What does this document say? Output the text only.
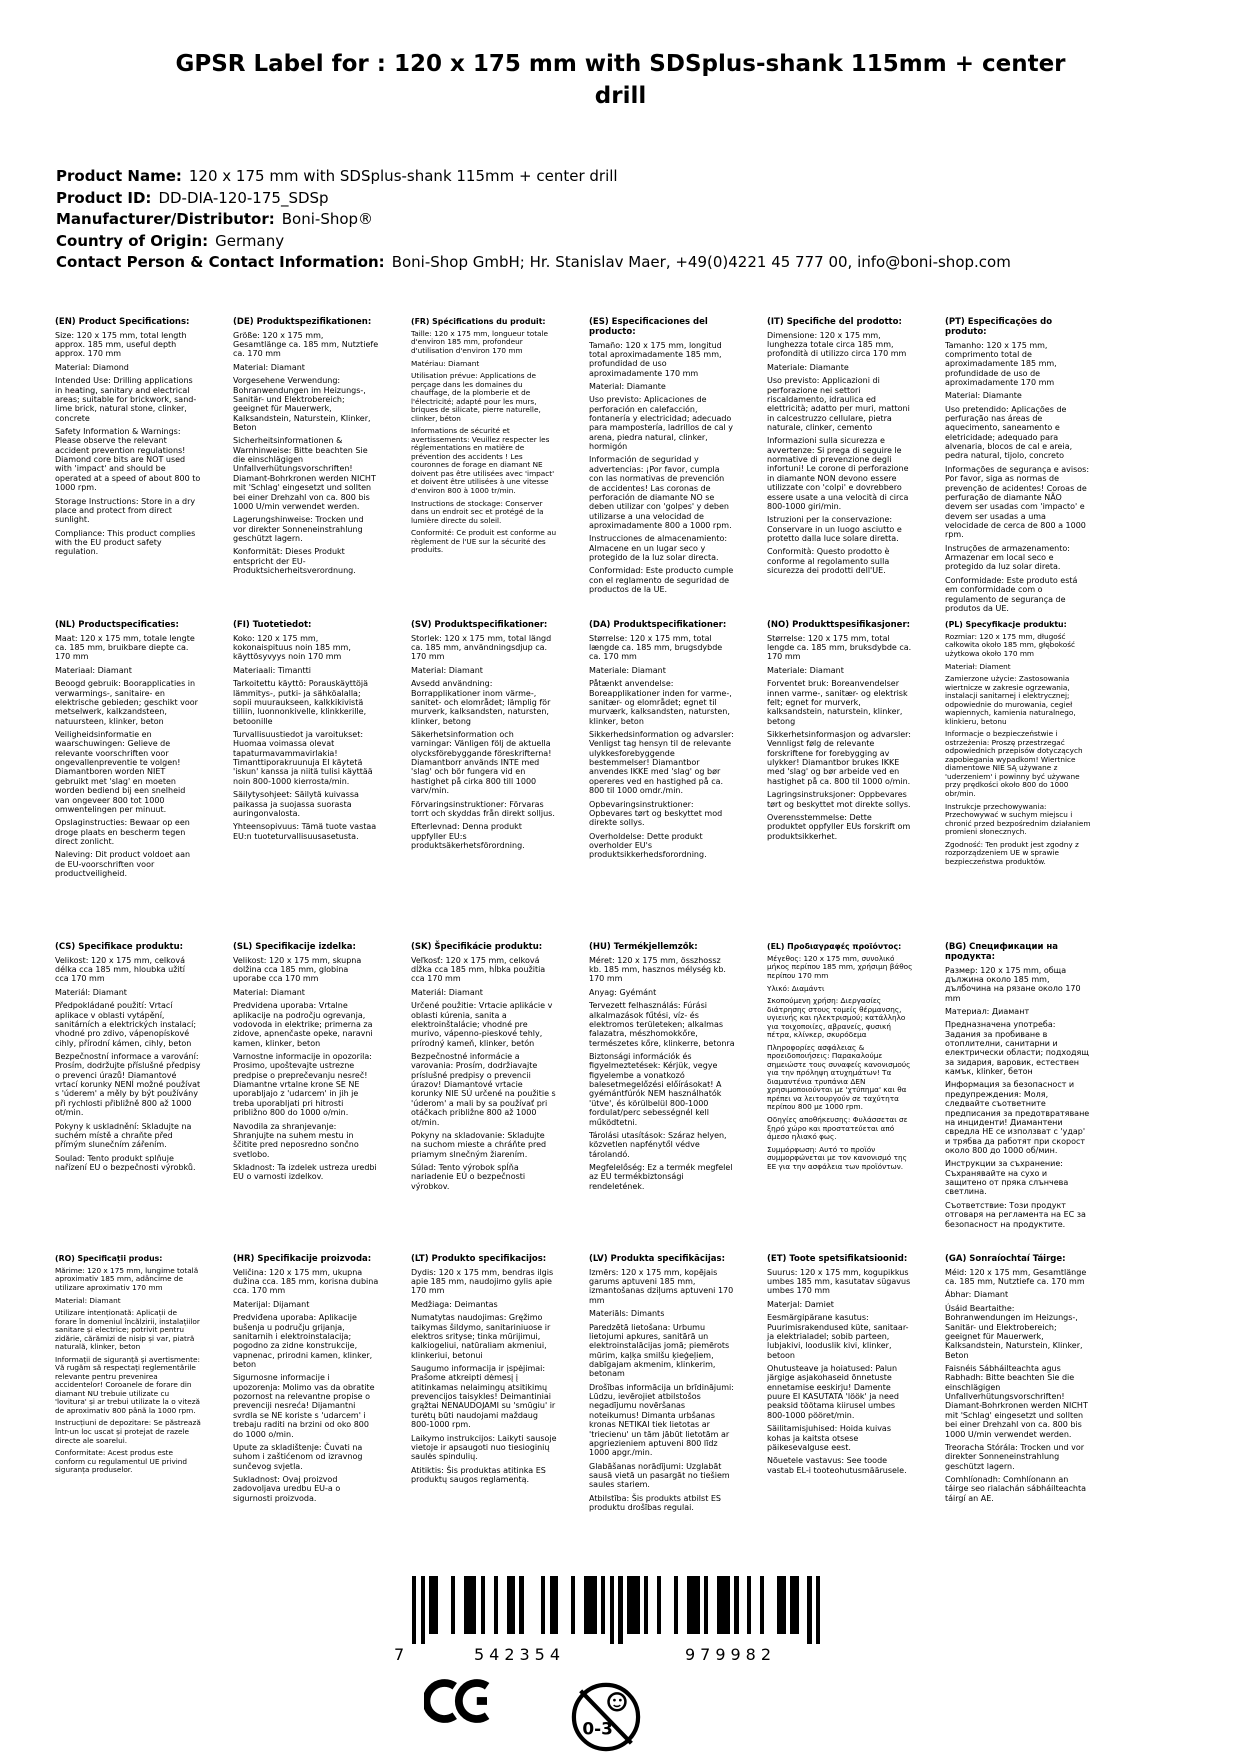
GPSR Label for : 120 x 175 mm with SDSplus-shank 115mm + center drill
Product Name: 120 x 175 mm with SDSplus-shank 115mm + center drill
Product ID: DD-DIA-120-175_SDSp
Manufacturer/Distributor: Boni-Shop®
Country of Origin: Germany
Contact Person & Contact Information: Boni-Shop GmbH; Hr. Stanislav Maer, +49(0)4221 45 777 00, info@boni-shop.com
(EN) Product Specifications:

Size: 120 x 175 mm, total length approx. 185 mm, useful depth approx. 170 mm

Material: Diamond

Intended Use: Drilling applications in heating, sanitary and electrical areas; suitable for brickwork, sand-lime brick, natural stone, clinker, concrete

Safety Information & Warnings: Please observe the relevant accident prevention regulations! Diamond core bits are NOT used with 'impact' and should be operated at a speed of about 800 to 1000 rpm.

Storage Instructions: Store in a dry place and protect from direct sunlight.

Compliance: This product complies with the EU product safety regulation.

(DE) Produktspezifikationen:

Größe: 120 x 175 mm, Gesamtlänge ca. 185 mm, Nutztiefe ca. 170 mm

Material: Diamant

Vorgesehene Verwendung: Bohranwendungen im Heizungs-, Sanitär- und Elektrobereich; geeignet für Mauerwerk, Kalksandstein, Naturstein, Klinker, Beton

Sicherheitsinformationen & Warnhinweise: Bitte beachten Sie die einschlägigen Unfallverhütungsvorschriften! Diamant-Bohrkronen werden NICHT mit 'Schlag' eingesetzt und sollten bei einer Drehzahl von ca. 800 bis 1000 U/min verwendet werden.

Lagerungshinweise: Trocken und vor direkter Sonneneinstrahlung geschützt lagern.

Konformität: Dieses Produkt entspricht der EU-Produktsicherheitsverordnung.

(FR) Spécifications du produit:

Taille: 120 x 175 mm, longueur totale d'environ 185 mm, profondeur d'utilisation d'environ 170 mm

Matériau: Diamant

Utilisation prévue: Applications de perçage dans les domaines du chauffage, de la plomberie et de l'électricité; adapté pour les murs, briques de silicate, pierre naturelle, clinker, béton

Informations de sécurité et avertissements: Veuillez respecter les réglementations en matière de prévention des accidents ! Les couronnes de forage en diamant NE doivent pas être utilisées avec 'impact' et doivent être utilisées à une vitesse d'environ 800 à 1000 tr/min.

Instructions de stockage: Conserver dans un endroit sec et protégé de la lumière directe du soleil.

Conformité: Ce produit est conforme au règlement de l'UE sur la sécurité des produits.

(ES) Especificaciones del producto:

Tamaño: 120 x 175 mm, longitud total aproximadamente 185 mm, profundidad de uso aproximadamente 170 mm

Material: Diamante

Uso previsto: Aplicaciones de perforación en calefacción, fontanería y electricidad; adecuado para mampostería, ladrillos de cal y arena, piedra natural, clinker, hormigón

Información de seguridad y advertencias: ¡Por favor, cumpla con las normativas de prevención de accidentes! Las coronas de perforación de diamante NO se deben utilizar con 'golpes' y deben utilizarse a una velocidad de aproximadamente 800 a 1000 rpm.

Instrucciones de almacenamiento: Almacene en un lugar seco y protegido de la luz solar directa.

Conformidad: Este producto cumple con el reglamento de seguridad de productos de la UE.

(IT) Specifiche del prodotto:

Dimensione: 120 x 175 mm, lunghezza totale circa 185 mm, profondità di utilizzo circa 170 mm

Materiale: Diamante

Uso previsto: Applicazioni di perforazione nei settori riscaldamento, idraulica ed elettricità; adatto per muri, mattoni in calcestruzzo cellulare, pietra naturale, clinker, cemento

Informazioni sulla sicurezza e avvertenze: Si prega di seguire le normative di prevenzione degli infortuni! Le corone di perforazione in diamante NON devono essere utilizzate con 'colpi' e dovrebbero essere usate a una velocità di circa 800-1000 giri/min.

Istruzioni per la conservazione: Conservare in un luogo asciutto e protetto dalla luce solare diretta.

Conformità: Questo prodotto è conforme al regolamento sulla sicurezza dei prodotti dell'UE.

(PT) Especificações do produto:

Tamanho: 120 x 175 mm, comprimento total de aproximadamente 185 mm, profundidade de uso de aproximadamente 170 mm

Material: Diamante

Uso pretendido: Aplicações de perfuração nas áreas de aquecimento, saneamento e eletricidade; adequado para alvenaria, blocos de cal e areia, pedra natural, tijolo, concreto

Informações de segurança e avisos: Por favor, siga as normas de prevenção de acidentes! Coroas de perfuração de diamante NÃO devem ser usadas com 'impacto' e devem ser usadas a uma velocidade de cerca de 800 a 1000 rpm.

Instruções de armazenamento: Armazenar em local seco e protegido da luz solar direta.

Conformidade: Este produto está em conformidade com o regulamento de segurança de produtos da UE.

(NL) Productspecificaties:

Maat: 120 x 175 mm, totale lengte ca. 185 mm, bruikbare diepte ca. 170 mm

Materiaal: Diamant

Beoogd gebruik: Boorapplicaties in verwarmings-, sanitaire- en elektrische gebieden; geschikt voor metselwerk, kalkzandsteen, natuursteen, klinker, beton

Veiligheidsinformatie en waarschuwingen: Gelieve de relevante voorschriften voor ongevallenpreventie te volgen! Diamantboren worden NIET gebruikt met 'slag' en moeten worden bediend bij een snelheid van ongeveer 800 tot 1000 omwentelingen per minuut.

Opslaginstructies: Bewaar op een droge plaats en bescherm tegen direct zonlicht.

Naleving: Dit product voldoet aan de EU-voorschriften voor productveiligheid.

(FI) Tuotetiedot:

Koko: 120 x 175 mm, kokonaispituus noin 185 mm, käyttösyvyys noin 170 mm

Materiaali: Timantti

Tarkoitettu käyttö: Porauskäyttöjä lämmitys-, putki- ja sähköalalla; sopii muuraukseen, kalkkikivistä tiiliin, luonnonkivelle, klinkkerille, betoonille

Turvallisuustiedot ja varoitukset: Huomaa voimassa olevat tapaturmavammavirlakia! Timanttiporakruunuja EI käytetä 'iskun' kanssa ja niitä tulisi käyttää noin 800-1000 kierrosta/min.

Säilytysohjeet: Säilytä kuivassa paikassa ja suojassa suorasta auringonvalosta.

Yhteensopivuus: Tämä tuote vastaa EU:n tuoteturvallisuusasetusta.

(SV) Produktspecifikationer:

Storlek: 120 x 175 mm, total längd ca. 185 mm, användningsdjup ca. 170 mm

Material: Diamant

Avsedd användning: Borrapplikationer inom värme-, sanitet- och elområdet; lämplig för murverk, kalksandsten, natursten, klinker, betong

Säkerhetsinformation och varningar: Vänligen följ de aktuella olycksförebyggande föreskrifterna! Diamantborr används INTE med 'slag' och bör fungera vid en hastighet på cirka 800 till 1000 varv/min.

Förvaringsinstruktioner: Förvaras torrt och skyddas från direkt solljus.

Efterlevnad: Denna produkt uppfyller EU:s produktsäkerhetsförordning.

(DA) Produktspecifikationer:

Størrelse: 120 x 175 mm, total længde ca. 185 mm, brugsdybde ca. 170 mm

Materiale: Diamant

Påtænkt anvendelse: Boreapplikationer inden for varme-, sanitær- og elområdet; egnet til murværk, kalksandsten, natursten, klinker, beton

Sikkerhedsinformation og advarsler: Venligst tag hensyn til de relevante ulykkesforebyggende bestemmelser! Diamantbor anvendes IKKE med 'slag' og bør opereres ved en hastighed på ca. 800 til 1000 omdr./min.

Opbevaringsinstruktioner: Opbevares tørt og beskyttet mod direkte sollys.

Overholdelse: Dette produkt overholder EU's produktsikkerhedsforordning.

(NO) Produkttspesifikasjoner:

Størrelse: 120 x 175 mm, total lengde ca. 185 mm, bruksdybde ca. 170 mm

Materiale: Diamant

Forventet bruk: Boreanvendelser innen varme-, sanitær- og elektrisk felt; egnet for murverk, kalksandstein, naturstein, klinker, betong

Sikkerhetsinformasjon og advarsler: Vennligst følg de relevante forskriftene for forebygging av ulykker! Diamantbor brukes IKKE med 'slag' og bør arbeide ved en hastighet på ca. 800 til 1000 o/min.

Lagringsinstruksjoner: Oppbevares tørt og beskyttet mot direkte sollys.

Overensstemmelse: Dette produktet oppfyller EUs forskrift om produktsikkerhet.

(PL) Specyfikacje produktu:

Rozmiar: 120 x 175 mm, długość całkowita około 185 mm, głębokość użytkowa około 170 mm

Materiał: Diament

Zamierzone użycie: Zastosowania wiertnicze w zakresie ogrzewania, instalacji sanitarnej i elektrycznej; odpowiednie do murowania, cegieł wapiennych, kamienia naturalnego, klinkieru, betonu

Informacje o bezpieczeństwie i ostrzeżenia: Proszę przestrzegać odpowiednich przepisów dotyczących zapobiegania wypadkom! Wiertnice diamentowe NIE SĄ używane z 'uderzeniem' i powinny być używane przy prędkości około 800 do 1000 obr/min.

Instrukcje przechowywania: Przechowywać w suchym miejscu i chronić przed bezpośrednim działaniem promieni słonecznych.

Zgodność: Ten produkt jest zgodny z rozporządzeniem UE w sprawie bezpieczeństwa produktów.

(CS) Specifikace produktu:

Velikost: 120 x 175 mm, celková délka cca 185 mm, hloubka užití cca 170 mm

Materiál: Diamant

Předpokládané použití: Vrtací aplikace v oblasti vytápění, sanitárních a elektrických instalací; vhodné pro zdivo, vápenopískové cihly, přírodní kámen, cihly, beton

Bezpečnostní informace a varování: Prosím, dodržujte příslušné předpisy o prevenci úrazů! Diamantové vrtací korunky NENÍ možné používat s 'úderem' a měly by být používány při rychlosti přibližně 800 až 1000 ot/min.

Pokyny k uskladnění: Skladujte na suchém místě a chraňte před přímým slunečním zářením.

Soulad: Tento produkt splňuje nařízení EU o bezpečnosti výrobků.

(SL) Specifikacije izdelka:

Velikost: 120 x 175 mm, skupna dolžina cca 185 mm, globina uporabe cca 170 mm

Material: Diamant

Predvidena uporaba: Vrtalne aplikacije na področju ogrevanja, vodovoda in elektrike; primerna za zidove, apnenčaste opeke, naravni kamen, klinker, beton

Varnostne informacije in opozorila: Prosimo, upoštevajte ustrezne predpise o preprečevanju nesreč! Diamantne vrtalne krone SE NE uporabljajo z 'udarcem' in jih je treba uporabljati pri hitrosti približno 800 do 1000 o/min.

Navodila za shranjevanje: Shranjujte na suhem mestu in ščitite pred neposredno sončno svetlobo.

Skladnost: Ta izdelek ustreza uredbi EU o varnosti izdelkov.

(SK) Špecifikácie produktu:

Veľkosť: 120 x 175 mm, celková dĺžka cca 185 mm, hĺbka použitia cca 170 mm

Materiál: Diamant

Určené použitie: Vrtacie aplikácie v oblasti kúrenia, sanita a elektroinštalácie; vhodné pre murivo, vápenno-pieskové tehly, prírodný kameň, klinker, betón

Bezpečnostné informácie a varovania: Prosím, dodržiavajte príslušné predpisy o prevencii úrazov! Diamantové vrtacie korunky NIE SÚ určené na použitie s 'úderom' a mali by sa používať pri otáčkach približne 800 až 1000 ot/min.

Pokyny na skladovanie: Skladujte na suchom mieste a chráňte pred priamym slnečným žiarením.

Súlad: Tento výrobok spĺňa nariadenie EÚ o bezpečnosti výrobkov.

(HU) Termékjellemzők:

Méret: 120 x 175 mm, összhossz kb. 185 mm, hasznos mélység kb. 170 mm

Anyag: Gyémánt

Tervezett felhasználás: Fúrási alkalmazások fűtési, víz- és elektromos területeken; alkalmas falazatra, mészhomokkőre, természetes kőre, klinkerre, betonra

Biztonsági információk és figyelmeztetések: Kérjük, vegye figyelembe a vonatkozó balesetmegelőzési előírásokat! A gyémántfúrók NEM használhatók 'ütve', és körülbelül 800-1000 fordulat/perc sebességnél kell működtetni.

Tárolási utasítások: Száraz helyen, közvetlen napfénytől védve tárolandó.

Megfelelőség: Ez a termék megfelel az EU termékbiztonsági rendeletének.

(EL) Προδιαγραφές προϊόντος:

Μέγεθος: 120 x 175 mm, συνολικό μήκος περίπου 185 mm, χρήσιμη βάθος περίπου 170 mm

Υλικό: Διαμάντι

Σκοπούμενη χρήση: Διεργασίες διάτρησης στους τομείς θέρμανσης, υγιεινής και ηλεκτρισμού; κατάλληλο για τοιχοποιίες, αβρανείς, φυσική πέτρα, κλίνκερ, σκυρόδεμα

Πληροφορίες ασφάλειας & προειδοποιήσεις: Παρακαλούμε σημειώστε τους συναφείς κανονισμούς για την πρόληψη ατυχημάτων! Τα διαμαντένια τρυπάνια ΔΕΝ χρησιμοποιούνται με 'χτύπημα' και θα πρέπει να λειτουργούν σε ταχύτητα περίπου 800 με 1000 rpm.

Οδηγίες αποθήκευσης: Φυλάσσεται σε ξηρό χώρο και προστατεύεται από άμεσο ηλιακό φως.

Συμμόρφωση: Αυτό το προϊόν συμμορφώνεται με τον κανονισμό της ΕΕ για την ασφάλεια των προϊόντων.

(BG) Спецификации на продукта:

Размер: 120 x 175 mm, обща дължина около 185 mm, дълбочина на рязане около 170 mm

Материал: Диамант

Предназначена употреба: Задания за пробиване в отоплителни, санитарни и електрически области; подходящ за зидария, варовик, естествен камък, klinker, бетон

Информация за безопасност и предупреждения: Моля, следвайте съответните предписания за предотвратяване на инциденти! Диамантени свредла НЕ се използват с 'удар' и трябва да работят при скорост около 800 до 1000 об/мин.

Инструкции за съхранение: Съхранявайте на сухо и защитено от пряка слънчева светлина.

Съответствие: Този продукт отговаря на регламента на ЕС за безопасност на продуктите.

(RO) Specificații produs:

Mărime: 120 x 175 mm, lungime totală aproximativ 185 mm, adâncime de utilizare aproximativ 170 mm

Material: Diamant

Utilizare intenționată: Aplicații de forare în domeniul încălzirii, instalațiilor sanitare și electrice; potrivit pentru zidărie, cărămizi de nisip și var, piatră naturală, klinker, beton

Informații de siguranță și avertismente: Vă rugăm să respectați reglementările relevante pentru prevenirea accidentelor! Coroanele de forare din diamant NU trebuie utilizate cu 'lovitura' și ar trebui utilizate la o viteză de aproximativ 800 până la 1000 rpm.

Instrucțiuni de depozitare: Se păstrează într-un loc uscat și protejat de razele directe ale soarelui.

Conformitate: Acest produs este conform cu regulamentul UE privind siguranța produselor.

(HR) Specifikacije proizvoda:

Veličina: 120 x 175 mm, ukupna dužina cca. 185 mm, korisna dubina cca. 170 mm

Materijal: Dijamant

Predviđena uporaba: Aplikacije bušenja u području grijanja, sanitarnih i elektroinstalacija; pogodno za zidne konstrukcije, vapnenac, prirodni kamen, klinker, beton

Sigurnosne informacije i upozorenja: Molimo vas da obratite pozornost na relevantne propise o prevenciji nesreća! Dijamantni svrdla se NE koriste s 'udarcem' i trebaju raditi na brzini od oko 800 do 1000 o/min.

Upute za skladištenje: Čuvati na suhom i zaštićenom od izravnog sunčevog svjetla.

Sukladnost: Ovaj proizvod zadovoljava uredbu EU-a o sigurnosti proizvoda.

(LT) Produkto specifikacijos:

Dydis: 120 x 175 mm, bendras ilgis apie 185 mm, naudojimo gylis apie 170 mm

Medžiaga: Deimantas

Numatytas naudojimas: Gręžimo taikymas šildymo, sanitariniuose ir elektros srityse; tinka mūrijimui, kalkiogeliui, natūraliam akmeniui, klinkeriui, betonui

Saugumo informacija ir įspėjimai: Prašome atkreipti dėmesį į atitinkamas nelaimingų atsitikimų prevencijos taisykles! Deimantiniai grąžtai NENAUDOJAMI su 'smūgiu' ir turėtų būti naudojami maždaug 800-1000 rpm.

Laikymo instrukcijos: Laikyti sausoje vietoje ir apsaugoti nuo tiesioginių saulės spindulių.

Atitiktis: Šis produktas atitinka ES produktų saugos reglamentą.

(LV) Produkta specifikācijas:

Izmērs: 120 x 175 mm, kopējais garums aptuveni 185 mm, izmantošanas dziļums aptuveni 170 mm

Materiāls: Dimants

Paredzētā lietošana: Urbumu lietojumi apkures, sanitārā un elektroinstalācijas jomā; piemērots mūrim, kaļķa smilšu ķieģeļiem, dabīgajam akmenim, klinkerim, betonam

Drošības informācija un brīdinājumi: Lūdzu, ievērojiet atbilstošos negadījumu novēršanas noteikumus! Dimanta urbšanas kronas NETIKAI tiek lietotas ar 'triecienu' un tām jābūt lietotām ar apgriezieniem aptuveni 800 līdz 1000 apgr./min.

Glabāšanas norādījumi: Uzglabāt sausā vietā un pasargāt no tiešiem saules stariem.

Atbilstība: Šis produkts atbilst ES produktu drošības regulai.

(ET) Toote spetsifikatsioonid:

Suurus: 120 x 175 mm, kogupikkus umbes 185 mm, kasutatav sügavus umbes 170 mm

Materjal: Damiet

Eesmärgipärane kasutus: Puurimisrakendused küte, sanitaar- ja elektrialadel; sobib parteen, lubjakivi, looduslik kivi, klinker, betoon

Ohutusteave ja hoiatused: Palun järgige asjakohaseid õnnetuste ennetamise eeskirju! Damente puure EI KASUTATA 'löök' ja need peaksid töötama kiirusel umbes 800-1000 pööret/min.

Säilitamisjuhised: Hoida kuivas kohas ja kaitsta otsese päikesevalguse eest.

Nõuetele vastavus: See toode vastab EL-i tooteohutusmäärusele.

(GA) Sonraíochtaí Táirge:

Méid: 120 x 175 mm, Gesamtlänge ca. 185 mm, Nutztiefe ca. 170 mm

Ábhar: Diamant

Úsáid Beartaithe: Bohranwendungen im Heizungs-, Sanitär- und Elektrobereich; geeignet für Mauerwerk, Kalksandstein, Naturstein, Klinker, Beton

Faisnéis Sábháilteachta agus Rabhadh: Bitte beachten Sie die einschlägigen Unfallverhütungsvorschriften! Diamant-Bohrkronen werden NICHT mit 'Schlag' eingesetzt und sollten bei einer Drehzahl von ca. 800 bis 1000 U/min verwendet werden.

Treoracha Stórála: Trocken und vor direkter Sonneneinstrahlung geschützt lagern.

Comhlíonadh: Comhlíonann an táirge seo rialachán sábháilteachta táirgí an AE.

7	542354	979982
0-3
